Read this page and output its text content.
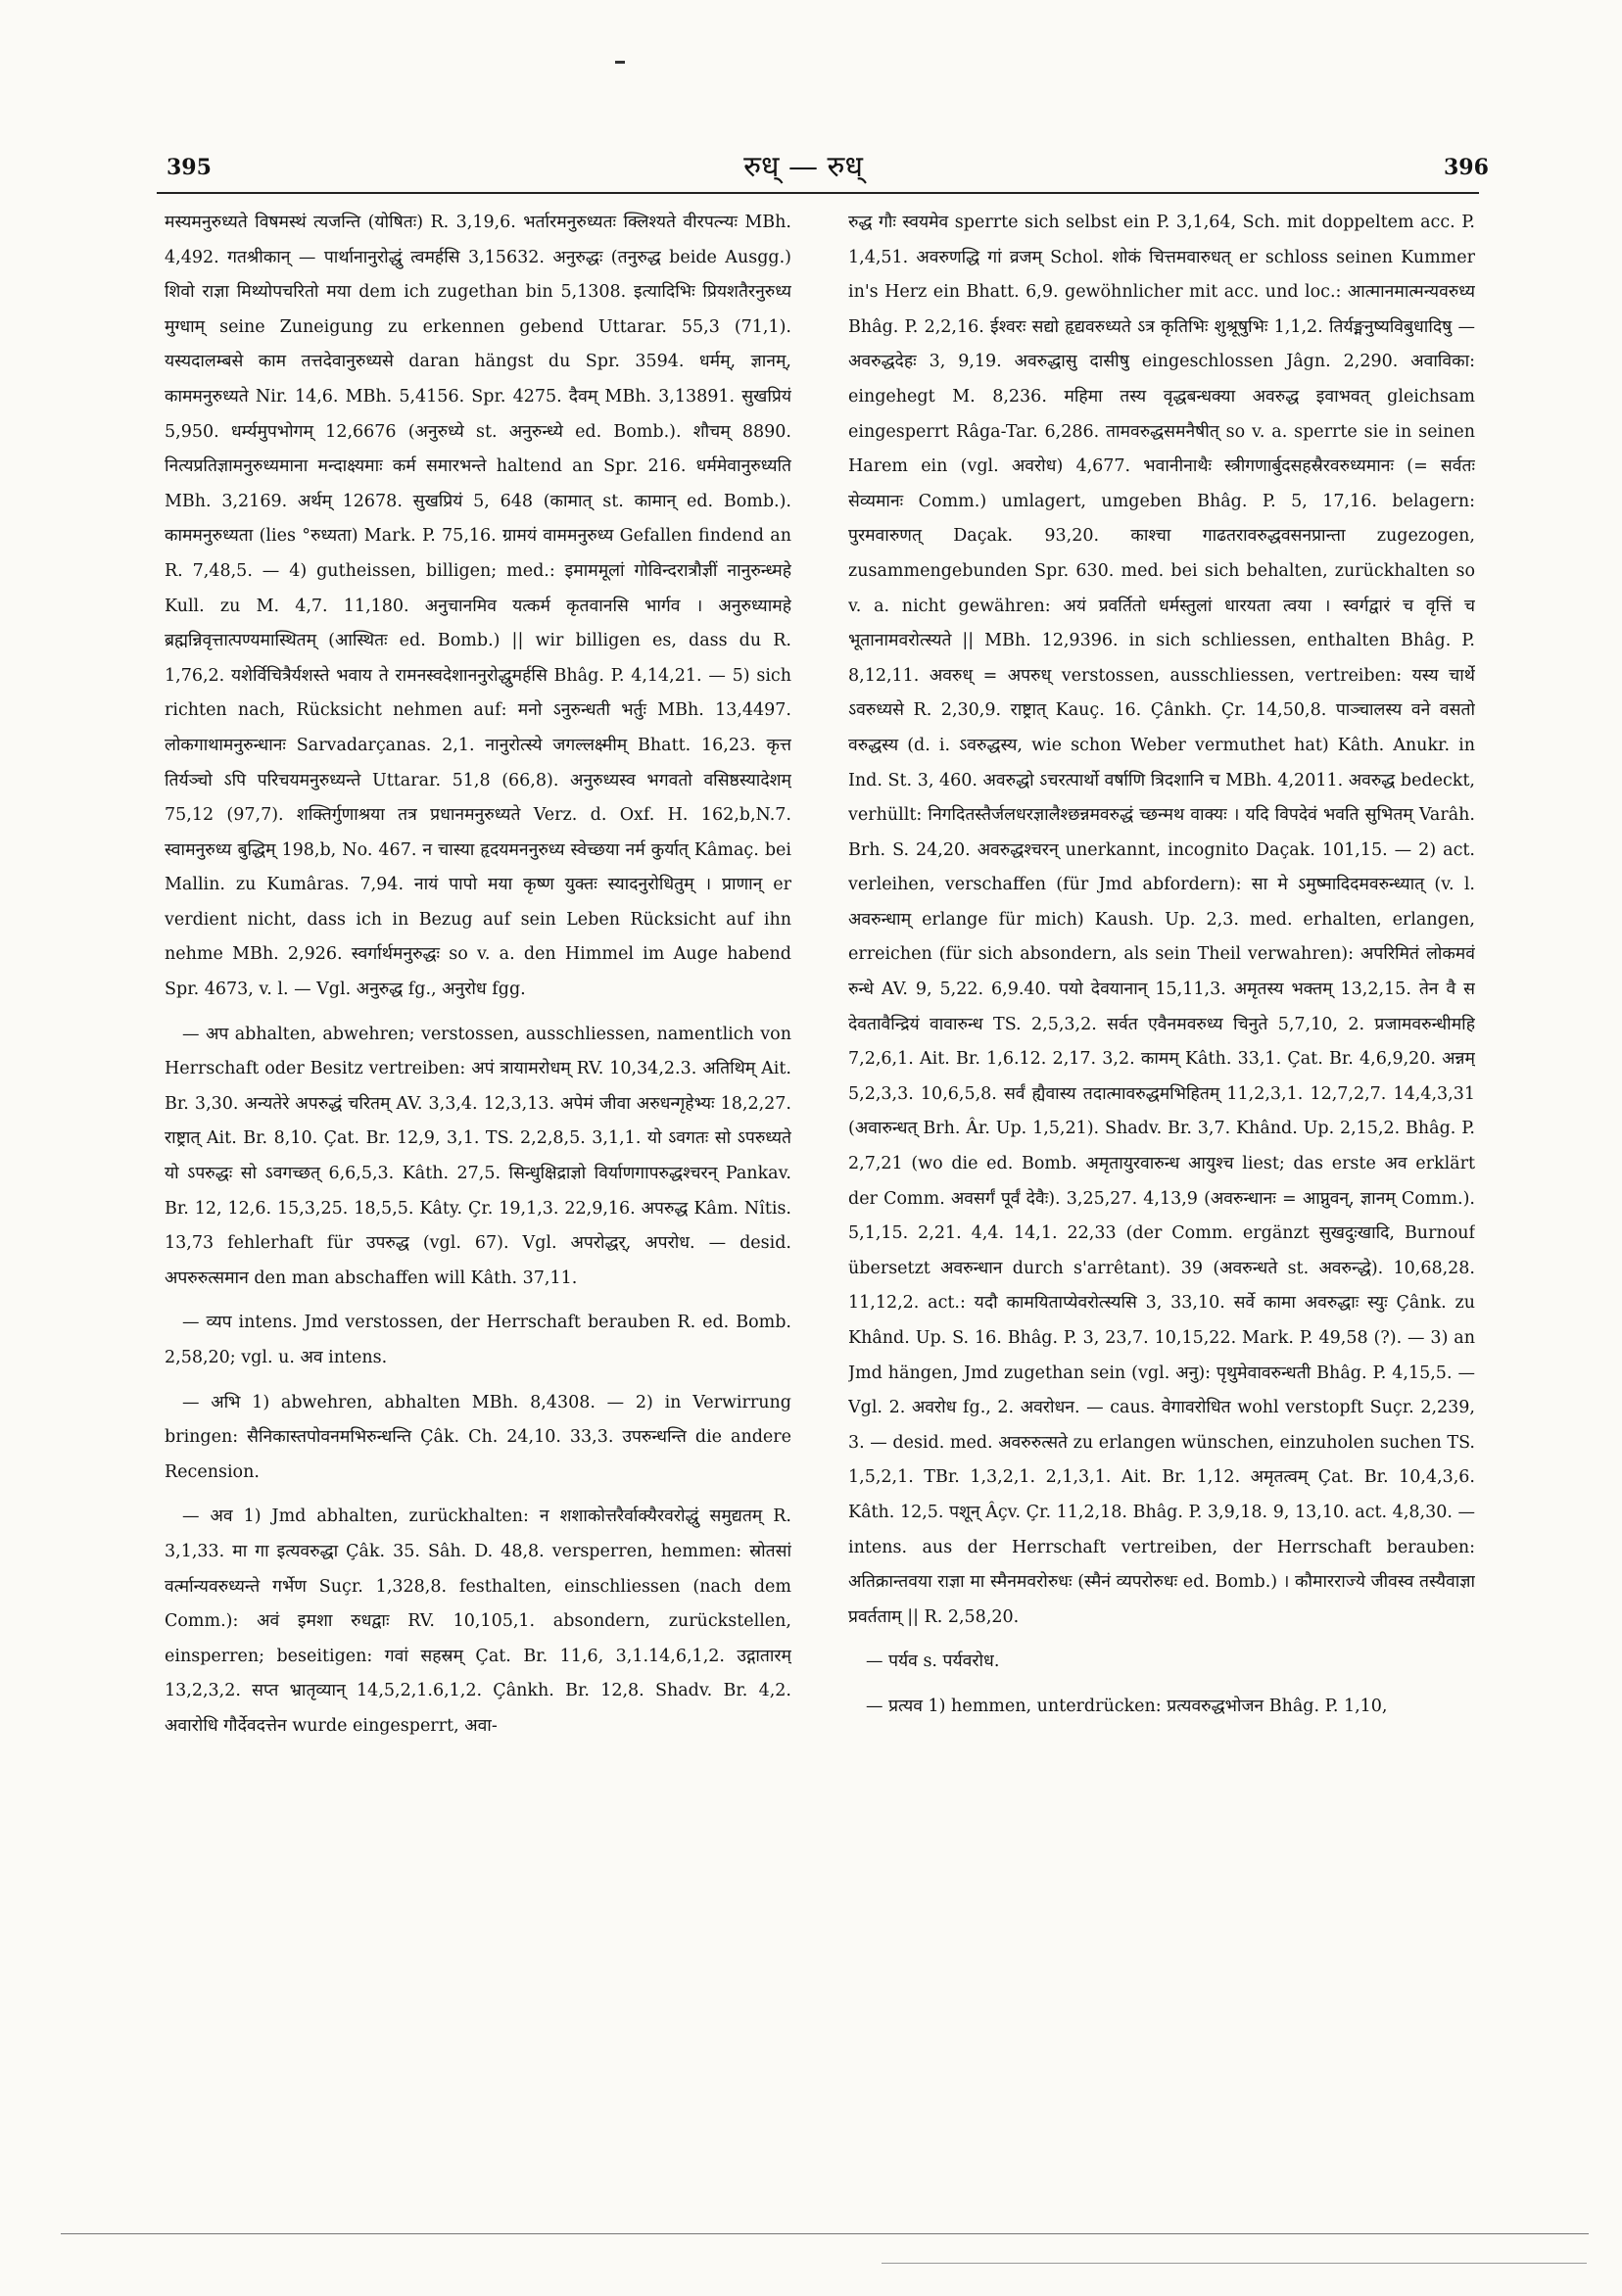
395	रुध् — रुध्	396

मस्यमनुरुध्यते विषमस्थं त्यजन्ति (योषितः) R. 3,19,6. भर्तारमनुरुध्यतः क्लिश्यते वीरपत्न्यः MBh. 4,492. गतश्रीकान् — पार्थानानुरोद्धुं त्वमर्हसि 3,15632. अनुरुद्धः (तनुरुद्ध beide Ausgg.) शिवो राज्ञा मिथ्योपचरितो मया dem ich zugethan bin 5,1308. इत्यादिभिः प्रियशतैरनुरुध्य मुग्धाम् seine Zuneigung zu erkennen gebend Uttarar. 55,3 (71,1). यस्यदालम्बसे काम तत्तदेवानुरुध्यसे daran hängst du Spr. 3594. धर्मम्, ज्ञानम्, काममनुरुध्यते Nir. 14,6. MBh. 5,4156. Spr. 4275. दैवम् MBh. 3,13891. सुखप्रियं 5,950. धर्म्यमुपभोगम् 12,6676 (अनुरुध्ये st. अनुरुन्ध्ये ed. Bomb.). शौचम् 8890. नित्यप्रतिज्ञामनुरुध्यमाना मन्दाक्ष्यमाः कर्म समारभन्ते haltend an Spr. 216. धर्ममेवानुरुध्यति MBh. 3,2169. अर्थम् 12678. सुखप्रियं 5, 648 (कामात् st. कामान् ed. Bomb.). काममनुरुध्यता (lies °रुध्यता) Mark. P. 75,16. ग्रामयं वाममनुरुध्य Gefallen findend an R. 7,48,5. — 4) gutheissen, billigen; med.: इमाममूलां गोविन्दरात्रौज्ञीं नानुरुन्ध्महे Kull. zu M. 4,7. 11,180. अनुचानमिव यत्कर्म कृतवानसि भार्गव । अनुरुध्यामहे ब्रह्मन्निवृत्तात्पण्यमास्थितम् (आस्थितः ed. Bomb.) || wir billigen es, dass du R. 1,76,2. यशेर्विचित्रैर्यशस्ते भवाय ते रामनस्वदेशाननुरोद्धुमर्हसि Bhâg. P. 4,14,21. — 5) sich richten nach, Rücksicht nehmen auf: मनो ऽनुरुन्धती भर्तुः MBh. 13,4497. लोकगाथामनुरुन्धानः Sarvadarçanas. 2,1. नानुरोत्स्ये जगल्लक्ष्मीम् Bhatt. 16,23. कृत्त तिर्यञ्चो ऽपि परिचयमनुरुध्यन्ते Uttarar. 51,8 (66,8). अनुरुध्यस्व भगवतो वसिष्ठस्यादेशम् 75,12 (97,7). शक्तिर्गुणाश्रया तत्र प्रधानमनुरुध्यते Verz. d. Oxf. H. 162,b,N.7. स्वामनुरुध्य बुद्धिम् 198,b, No. 467. न चास्या हृदयमननुरुध्य स्वेच्छया नर्म कुर्यात् Kâmaç. bei Mallin. zu Kumâras. 7,94. नायं पापो मया कृष्ण युक्तः स्यादनुरोधितुम् । प्राणान् er verdient nicht, dass ich in Bezug auf sein Leben Rücksicht auf ihn nehme MBh. 2,926. स्वर्गार्थमनुरुद्धः so v. a. den Himmel im Auge habend Spr. 4673, v. l. — Vgl. अनुरुद्ध fg., अनुरोध fgg.

— अप abhalten, abwehren; verstossen, ausschliessen, namentlich von Herrschaft oder Besitz vertreiben: अपं त्रायामरोधम् RV. 10,34,2.3. अतिथिम् Ait. Br. 3,30. अन्यतेरे अपरुद्धं चरितम् AV. 3,3,4. 12,3,13. अपेमं जीवा अरुधन्गृहेभ्यः 18,2,27. राष्ट्रात् Ait. Br. 8,10. Çat. Br. 12,9, 3,1. TS. 2,2,8,5. 3,1,1. यो ऽवगतः सो ऽपरुध्यते यो ऽपरुद्धः सो ऽवगच्छत् 6,6,5,3. Kâth. 27,5. सिन्धुक्षिद्राज्ञो विर्याणगापरुद्धश्चरन् Pankav. Br. 12, 12,6. 15,3,25. 18,5,5. Kâty. Çr. 19,1,3. 22,9,16. अपरुद्ध Kâm. Nîtis. 13,73 fehlerhaft für उपरुद्ध (vgl. 67). Vgl. अपरोद्धर्, अपरोध. — desid. अपरुरुत्समान den man abschaffen will Kâth. 37,11.

— व्यप intens. Jmd verstossen, der Herrschaft berauben R. ed. Bomb. 2,58,20; vgl. u. अव intens.

— अभि 1) abwehren, abhalten MBh. 8,4308. — 2) in Verwirrung bringen: सैनिकास्तपोवनमभिरुन्धन्ति Çâk. Ch. 24,10. 33,3. उपरुन्धन्ति die andere Recension.

— अव 1) Jmd abhalten, zurückhalten: न शशाकोत्तरैर्वाक्यैरवरोद्धुं समुद्यतम् R. 3,1,33. मा गा इत्यवरुद्धा Çâk. 35. Sâh. D. 48,8. versperren, hemmen: स्रोतसां वर्त्मान्यवरुध्यन्ते गर्भेण Suçr. 1,328,8. festhalten, einschliessen (nach dem Comm.): अवं इमशा रुधद्वाः RV. 10,105,1. absondern, zurückstellen, einsperren; beseitigen: गवां सहस्रम् Çat. Br. 11,6, 3,1.14,6,1,2. उद्गातारम् 13,2,3,2. सप्त भ्रातृव्यान् 14,5,2,1.6,1,2. Çânkh. Br. 12,8. Shadv. Br. 4,2. अवारोधि गौर्देवदत्तेन wurde eingesperrt, अवा-

रुद्ध गौः स्वयमेव sperrte sich selbst ein P. 3,1,64, Sch. mit doppeltem acc. P. 1,4,51. अवरुणद्धि गां व्रजम् Schol. शोकं चित्तमवारुधत् er schloss seinen Kummer in's Herz ein Bhatt. 6,9. gewöhnlicher mit acc. und loc.: आत्मानमात्मन्यवरुध्य Bhâg. P. 2,2,16. ईश्वरः सद्यो हृद्यवरुध्यते ऽत्र कृतिभिः शुश्रूषुभिः 1,1,2. तिर्यङ्मनुष्यविबुधादिषु — अवरुद्धदेहः 3, 9,19. अवरुद्धासु दासीषु eingeschlossen Jâgn. 2,290. अवाविका: eingehegt M. 8,236. महिमा तस्य वृद्धबन्धक्या अवरुद्ध इवाभवत् gleichsam eingesperrt Râga-Tar. 6,286. तामवरुद्धसमनैषीत् so v. a. sperrte sie in seinen Harem ein (vgl. अवरोध) 4,677. भवानीनाथैः स्त्रीगणार्बुदसहस्रैरवरुध्यमानः (= सर्वतः सेव्यमानः Comm.) umlagert, umgeben Bhâg. P. 5, 17,16. belagern: पुरमवारुणत् Daçak. 93,20. काश्चा गाढतरावरुद्धवसनप्रान्ता zugezogen, zusammengebunden Spr. 630. med. bei sich behalten, zurückhalten so v. a. nicht gewähren: अयं प्रवर्तितो धर्मस्तुलां धारयता त्वया । स्वर्गद्वारं च वृत्तिं च भूतानामवरोत्स्यते || MBh. 12,9396. in sich schliessen, enthalten Bhâg. P. 8,12,11. अवरुध् = अपरुध् verstossen, ausschliessen, vertreiben: यस्य चार्थे ऽवरुध्यसे R. 2,30,9. राष्ट्रात् Kauç. 16. Çânkh. Çr. 14,50,8. पाञ्चालस्य वने वसतो वरुद्धस्य (d. i. ऽवरुद्धस्य, wie schon Weber vermuthet hat) Kâth. Anukr. in Ind. St. 3, 460. अवरुद्धो ऽचरत्पार्थो वर्षाणि त्रिदशानि च MBh. 4,2011. अवरुद्ध bedeckt, verhüllt: निगदितस्तैर्जलधरज्ञालैश्छन्नमवरुद्धं च्छन्मथ वाक्यः । यदि विपदेवं भवति सुभितम् Varâh. Brh. S. 24,20. अवरुद्धश्चरन् unerkannt, incognito Daçak. 101,15. — 2) act. verleihen, verschaffen (für Jmd abfordern): सा मे ऽमुष्मादिदमवरुन्ध्यात् (v. l. अवरुन्धाम् erlange für mich) Kaush. Up. 2,3. med. erhalten, erlangen, erreichen (für sich absondern, als sein Theil verwahren): अपरिमितं लोकमवं रुन्धे AV. 9, 5,22. 6,9.40. पयो देवयानान् 15,11,3. अमृतस्य भक्तम् 13,2,15. तेन वै स देवतावैन्द्रियं वावारुन्ध TS. 2,5,3,2. सर्वत एवैनमवरुध्य चिनुते 5,7,10, 2. प्रजामवरुन्धीमहि 7,2,6,1. Ait. Br. 1,6.12. 2,17. 3,2. कामम् Kâth. 33,1. Çat. Br. 4,6,9,20. अन्नम् 5,2,3,3. 10,6,5,8. सर्वं ह्यैवास्य तदात्मावरुद्धमभिहितम् 11,2,3,1. 12,7,2,7. 14,4,3,31 (अवारुन्धत् Brh. Âr. Up. 1,5,21). Shadv. Br. 3,7. Khând. Up. 2,15,2. Bhâg. P. 2,7,21 (wo die ed. Bomb. अमृतायुरवारुन्ध आयुश्च liest; das erste अव erklärt der Comm. अवसर्गं पूर्वं देवैः). 3,25,27. 4,13,9 (अवरुन्धानः = आप्नुवन्, ज्ञानम् Comm.). 5,1,15. 2,21. 4,4. 14,1. 22,33 (der Comm. ergänzt सुखदुःखादि, Burnouf übersetzt अवरुन्धान durch s'arrêtant). 39 (अवरुन्धते st. अवरुन्द्धे). 10,68,28. 11,12,2. act.: यदौ कामयिताप्येवरोत्स्यसि 3, 33,10. सर्वे कामा अवरुद्धाः स्युः Çânk. zu Khând. Up. S. 16. Bhâg. P. 3, 23,7. 10,15,22. Mark. P. 49,58 (?). — 3) an Jmd hängen, Jmd zugethan sein (vgl. अनु): पृथुमेवावरुन्धती Bhâg. P. 4,15,5. — Vgl. 2. अवरोध fg., 2. अवरोधन. — caus. वेगावरोधित wohl verstopft Suçr. 2,239, 3. — desid. med. अवरुरुत्सते zu erlangen wünschen, einzuholen suchen TS. 1,5,2,1. TBr. 1,3,2,1. 2,1,3,1. Ait. Br. 1,12. अमृतत्वम् Çat. Br. 10,4,3,6. Kâth. 12,5. पशून् Âçv. Çr. 11,2,18. Bhâg. P. 3,9,18. 9, 13,10. act. 4,8,30. — intens. aus der Herrschaft vertreiben, der Herrschaft berauben: अतिक्रान्तवया राज्ञा मा स्मैनमवरोरुधः (स्मैनं व्यपरोरुधः ed. Bomb.) । कौमारराज्ये जीवस्व तस्यैवाज्ञा प्रवर्तताम् || R. 2,58,20.

— पर्यव s. पर्यवरोध.

— प्रत्यव 1) hemmen, unterdrücken: प्रत्यवरुद्धभोजन Bhâg. P. 1,10,
